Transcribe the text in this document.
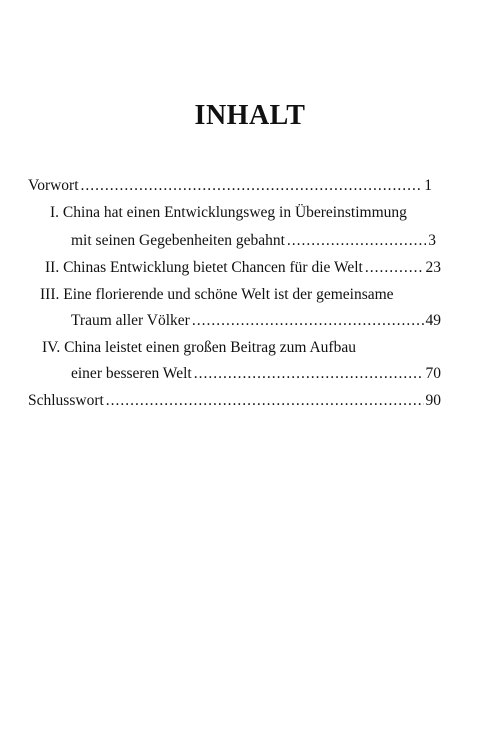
INHALT
Vorwort .....	1
I. China hat einen Entwicklungsweg in Übereinstimmung
mit seinen Gegebenheiten gebahnt .....	3
II. Chinas Entwicklung bietet Chancen für die Welt .....	23
III. Eine florierende und schöne Welt ist der gemeinsame
Traum aller Völker .....	49
IV. China leistet einen großen Beitrag zum Aufbau
einer besseren Welt .....	70
Schlusswort .....	90
